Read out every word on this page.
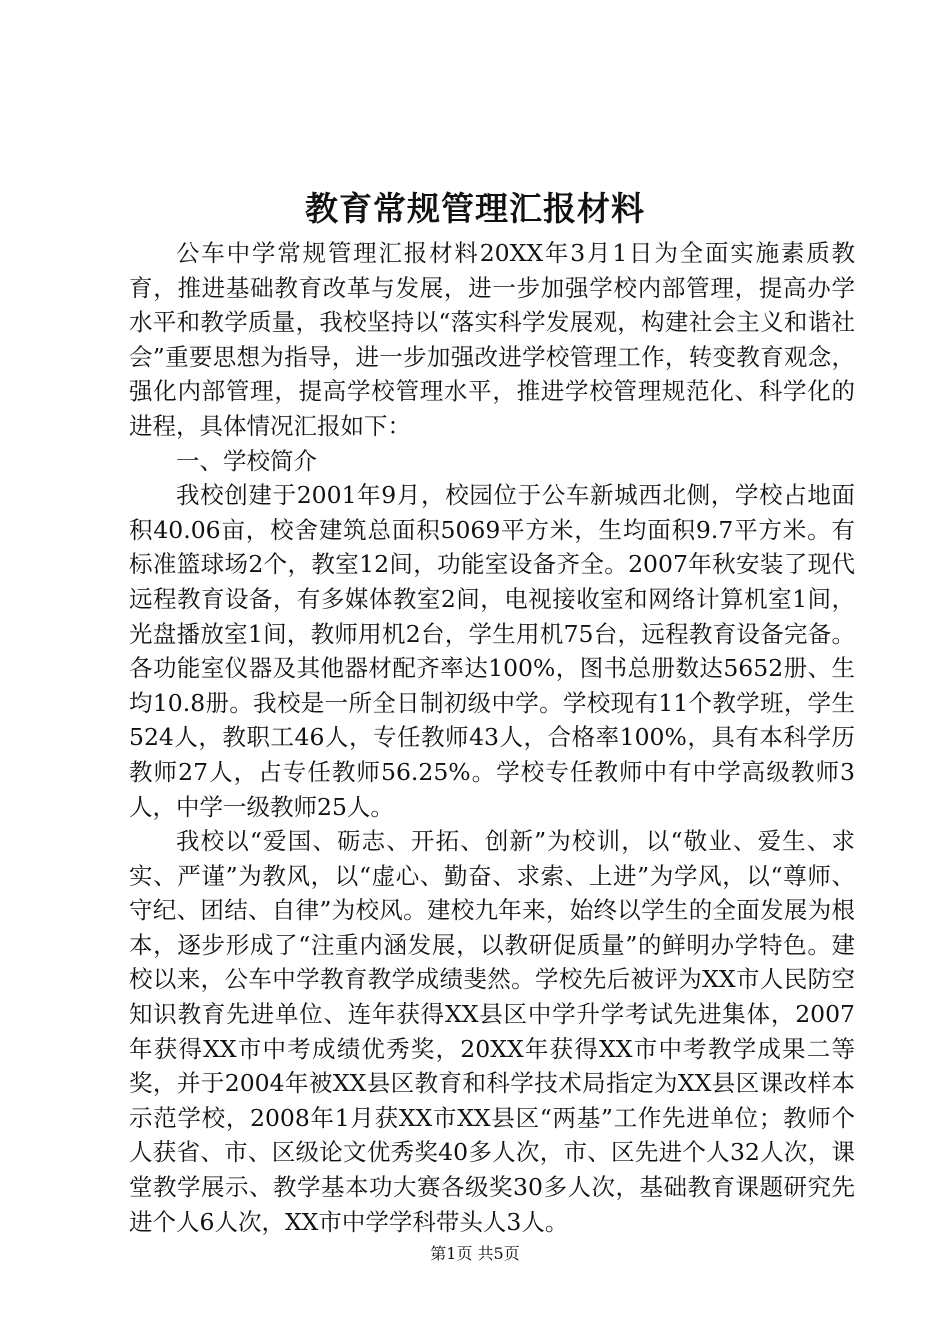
教育常规管理汇报材料

公车中学常规管理汇报材料20XX年3月1日为全面实施素质教育，推进基础教育改革与发展，进一步加强学校内部管理，提高办学水平和教学质量，我校坚持以“落实科学发展观，构建社会主义和谐社会”重要思想为指导，进一步加强改进学校管理工作，转变教育观念，强化内部管理，提高学校管理水平，推进学校管理规范化、科学化的进程，具体情况汇报如下：

一、学校简介

我校创建于2001年9月，校园位于公车新城西北侧，学校占地面积40.06亩，校舍建筑总面积5069平方米，生均面积9.7平方米。有标准篮球场2个，教室12间，功能室设备齐全。2007年秋安装了现代远程教育设备，有多媒体教室2间，电视接收室和网络计算机室1间，光盘播放室1间，教师用机2台，学生用机75台，远程教育设备完备。各功能室仪器及其他器材配齐率达100%，图书总册数达5652册、生均10.8册。我校是一所全日制初级中学。学校现有11个教学班，学生524人，教职工46人，专任教师43人，合格率100%，具有本科学历教师27人，占专任教师56.25%。学校专任教师中有中学高级教师3人，中学一级教师25人。

我校以“爱国、砺志、开拓、创新”为校训，以“敬业、爱生、求实、严谨”为教风，以“虚心、勤奋、求索、上进”为学风，以“尊师、守纪、团结、自律”为校风。建校九年来，始终以学生的全面发展为根本，逐步形成了“注重内涵发展，以教研促质量”的鲜明办学特色。建校以来，公车中学教育教学成绩斐然。学校先后被评为XX市人民防空知识教育先进单位、连年获得XX县区中学升学考试先进集体，2007年获得XX市中考成绩优秀奖，20XX年获得XX市中考教学成果二等奖，并于2004年被XX县区教育和科学技术局指定为XX县区课改样本示范学校，2008年1月获XX市XX县区“两基”工作先进单位；教师个人获省、市、区级论文优秀奖40多人次，市、区先进个人32人次，课堂教学展示、教学基本功大赛各级奖30多人次，基础教育课题研究先进个人6人次，XX市中学学科带头人3人。

第1页 共5页
